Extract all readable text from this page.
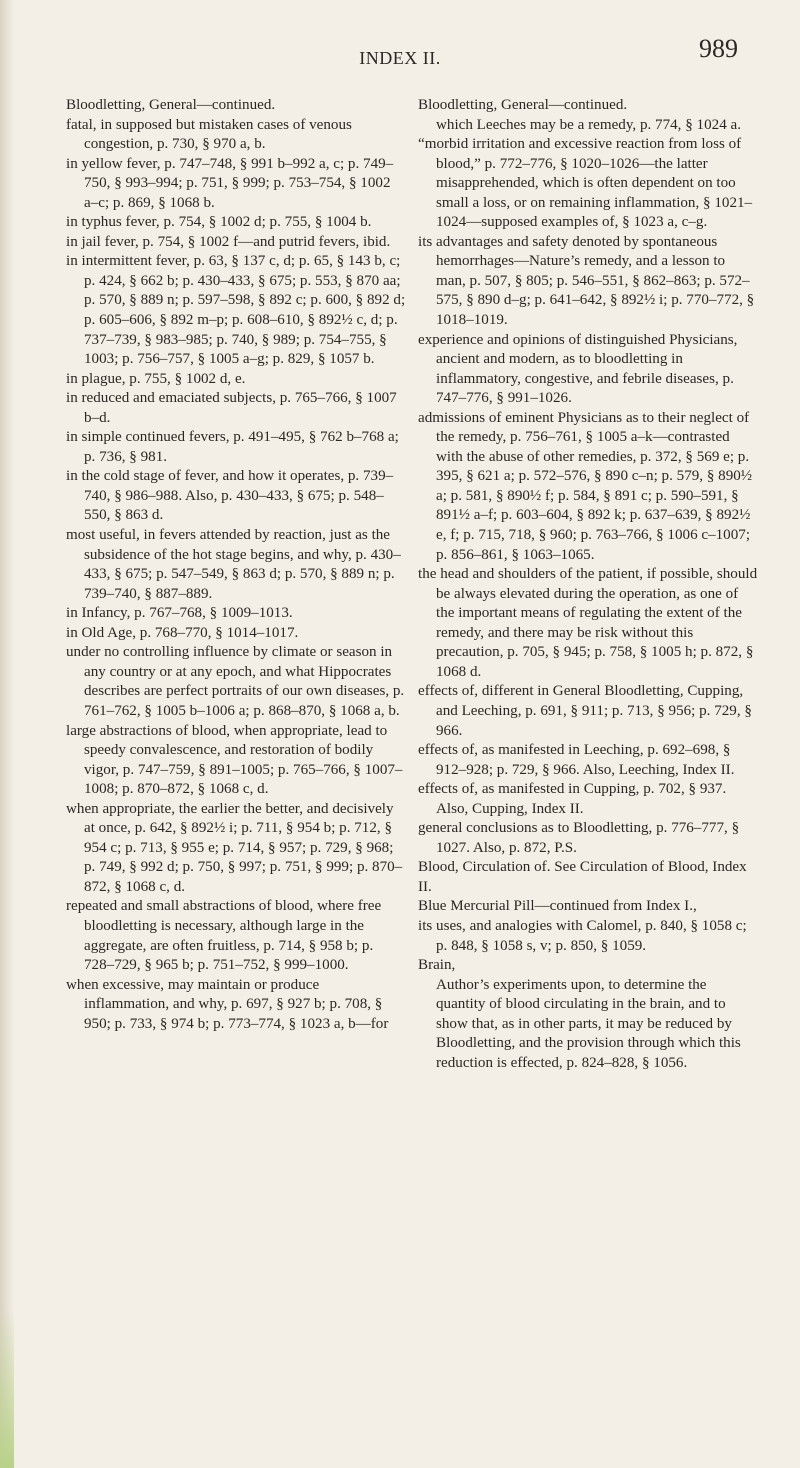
INDEX II.	989

Bloodletting, General—continued.

fatal, in supposed but mistaken cases of venous congestion, p. 730, § 970 a, b.

in yellow fever, p. 747–748, § 991 b–992 a, c; p. 749–750, § 993–994; p. 751, § 999; p. 753–754, § 1002 a–c; p. 869, § 1068 b.

in typhus fever, p. 754, § 1002 d; p. 755, § 1004 b.

in jail fever, p. 754, § 1002 f—and putrid fevers, ibid.

in intermittent fever, p. 63, § 137 c, d; p. 65, § 143 b, c; p. 424, § 662 b; p. 430–433, § 675; p. 553, § 870 aa; p. 570, § 889 n; p. 597–598, § 892 c; p. 600, § 892 d; p. 605–606, § 892 m–p; p. 608–610, § 892½ c, d; p. 737–739, § 983–985; p. 740, § 989; p. 754–755, § 1003; p. 756–757, § 1005 a–g; p. 829, § 1057 b.

in plague, p. 755, § 1002 d, e.

in reduced and emaciated subjects, p. 765–766, § 1007 b–d.

in simple continued fevers, p. 491–495, § 762 b–768 a; p. 736, § 981.

in the cold stage of fever, and how it operates, p. 739–740, § 986–988. Also, p. 430–433, § 675; p. 548–550, § 863 d.

most useful, in fevers attended by reaction, just as the subsidence of the hot stage begins, and why, p. 430–433, § 675; p. 547–549, § 863 d; p. 570, § 889 n; p. 739–740, § 887–889.

in Infancy, p. 767–768, § 1009–1013.

in Old Age, p. 768–770, § 1014–1017.

under no controlling influence by climate or season in any country or at any epoch, and what Hippocrates describes are perfect portraits of our own diseases, p. 761–762, § 1005 b–1006 a; p. 868–870, § 1068 a, b.

large abstractions of blood, when appropriate, lead to speedy convalescence, and restoration of bodily vigor, p. 747–759, § 891–1005; p. 765–766, § 1007–1008; p. 870–872, § 1068 c, d.

when appropriate, the earlier the better, and decisively at once, p. 642, § 892½ i; p. 711, § 954 b; p. 712, § 954 c; p. 713, § 955 e; p. 714, § 957; p. 729, § 968; p. 749, § 992 d; p. 750, § 997; p. 751, § 999; p. 870–872, § 1068 c, d.

repeated and small abstractions of blood, where free bloodletting is necessary, although large in the aggregate, are often fruitless, p. 714, § 958 b; p. 728–729, § 965 b; p. 751–752, § 999–1000.

when excessive, may maintain or produce inflammation, and why, p. 697, § 927 b; p. 708, § 950; p. 733, § 974 b; p. 773–774, § 1023 a, b—for

Bloodletting, General—continued.

which Leeches may be a remedy, p. 774, § 1024 a.

“morbid irritation and excessive reaction from loss of blood,” p. 772–776, § 1020–1026—the latter misapprehended, which is often dependent on too small a loss, or on remaining inflammation, § 1021–1024—supposed examples of, § 1023 a, c–g.

its advantages and safety denoted by spontaneous hemorrhages—Nature’s remedy, and a lesson to man, p. 507, § 805; p. 546–551, § 862–863; p. 572–575, § 890 d–g; p. 641–642, § 892½ i; p. 770–772, § 1018–1019.

experience and opinions of distinguished Physicians, ancient and modern, as to bloodletting in inflammatory, congestive, and febrile diseases, p. 747–776, § 991–1026.

admissions of eminent Physicians as to their neglect of the remedy, p. 756–761, § 1005 a–k—contrasted with the abuse of other remedies, p. 372, § 569 e; p. 395, § 621 a; p. 572–576, § 890 c–n; p. 579, § 890½ a; p. 581, § 890½ f; p. 584, § 891 c; p. 590–591, § 891½ a–f; p. 603–604, § 892 k; p. 637–639, § 892½ e, f; p. 715, 718, § 960; p. 763–766, § 1006 c–1007; p. 856–861, § 1063–1065.

the head and shoulders of the patient, if possible, should be always elevated during the operation, as one of the important means of regulating the extent of the remedy, and there may be risk without this precaution, p. 705, § 945; p. 758, § 1005 h; p. 872, § 1068 d.

effects of, different in General Bloodletting, Cupping, and Leeching, p. 691, § 911; p. 713, § 956; p. 729, § 966.

effects of, as manifested in Leeching, p. 692–698, § 912–928; p. 729, § 966. Also, Leeching, Index II.

effects of, as manifested in Cupping, p. 702, § 937. Also, Cupping, Index II.

general conclusions as to Bloodletting, p. 776–777, § 1027. Also, p. 872, P.S.

Blood, Circulation of. See Circulation of Blood, Index II.

Blue Mercurial Pill—continued from Index I.,

its uses, and analogies with Calomel, p. 840, § 1058 c; p. 848, § 1058 s, v; p. 850, § 1059.

Brain,

Author’s experiments upon, to determine the quantity of blood circulating in the brain, and to show that, as in other parts, it may be reduced by Bloodletting, and the provision through which this reduction is effected, p. 824–828, § 1056.
